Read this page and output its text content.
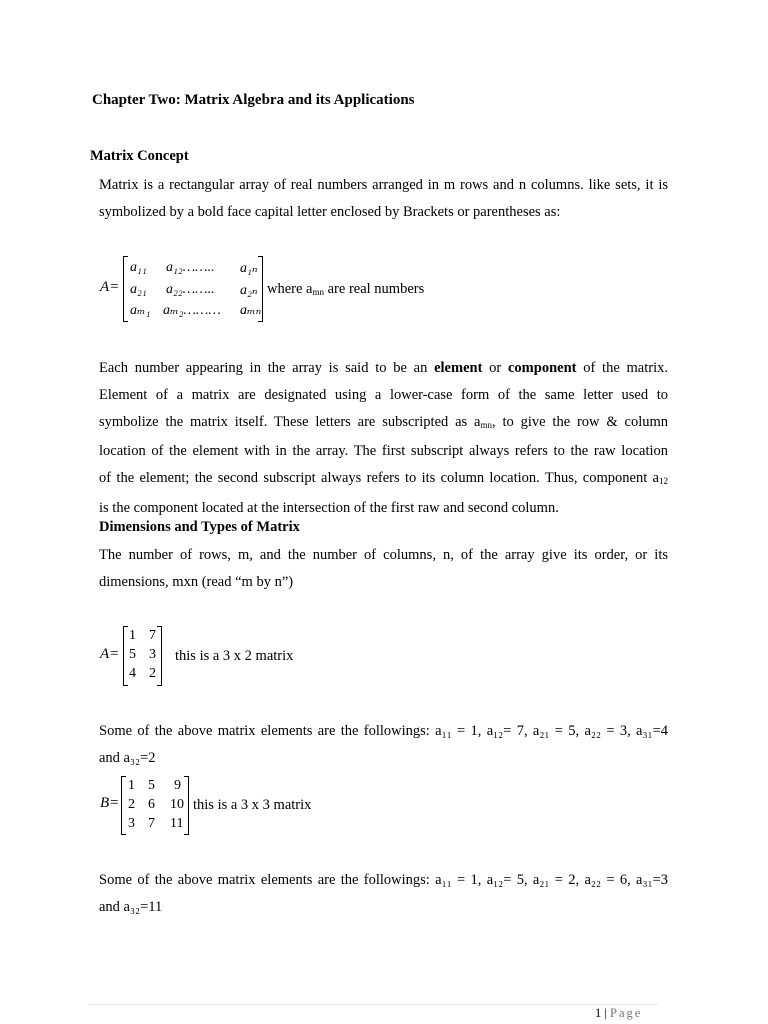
Chapter Two: Matrix Algebra and its Applications
Matrix Concept
Matrix is a rectangular array of real numbers arranged in m rows and n columns. like sets, it is
symbolized by a bold face capital letter enclosed by Brackets or parentheses as:
A=
a₁₁ a₁₂…….. a₁ₙ
a₂₁ a₂₂…….. a₂ₙ
aₘ₁ aₘ₂……… aₘₙ
where amn are real numbers
Each number appearing in the array is said to be an element or component of the matrix.
Element of a matrix are designated using a lower-case form of the same letter used to
symbolize the matrix itself. These letters are subscripted as amn, to give the row & column
location of the element with in the array. The first subscript always refers to the raw location
of the element; the second subscript always refers to its column location. Thus, component a12
is the component located at the intersection of the first raw and second column.
Dimensions and Types of Matrix
The number of rows, m, and the number of columns, n, of the array give its order, or its
dimensions, mxn (read “m by n”)
A=
1 7
5 3
4 2
this is a 3 x 2 matrix
Some of the above matrix elements are the followings: a₁₁ = 1, a₁₂= 7, a₂₁ = 5, a₂₂ = 3, a₃₁=4
and a₃₂=2
B=
1 5 9
2 6 10
3 7 11
this is a 3 x 3 matrix
Some of the above matrix elements are the followings: a₁₁ = 1, a₁₂= 5, a₂₁ = 2, a₂₂ = 6, a₃₁=3
and a₃₂=11
1 | Page
